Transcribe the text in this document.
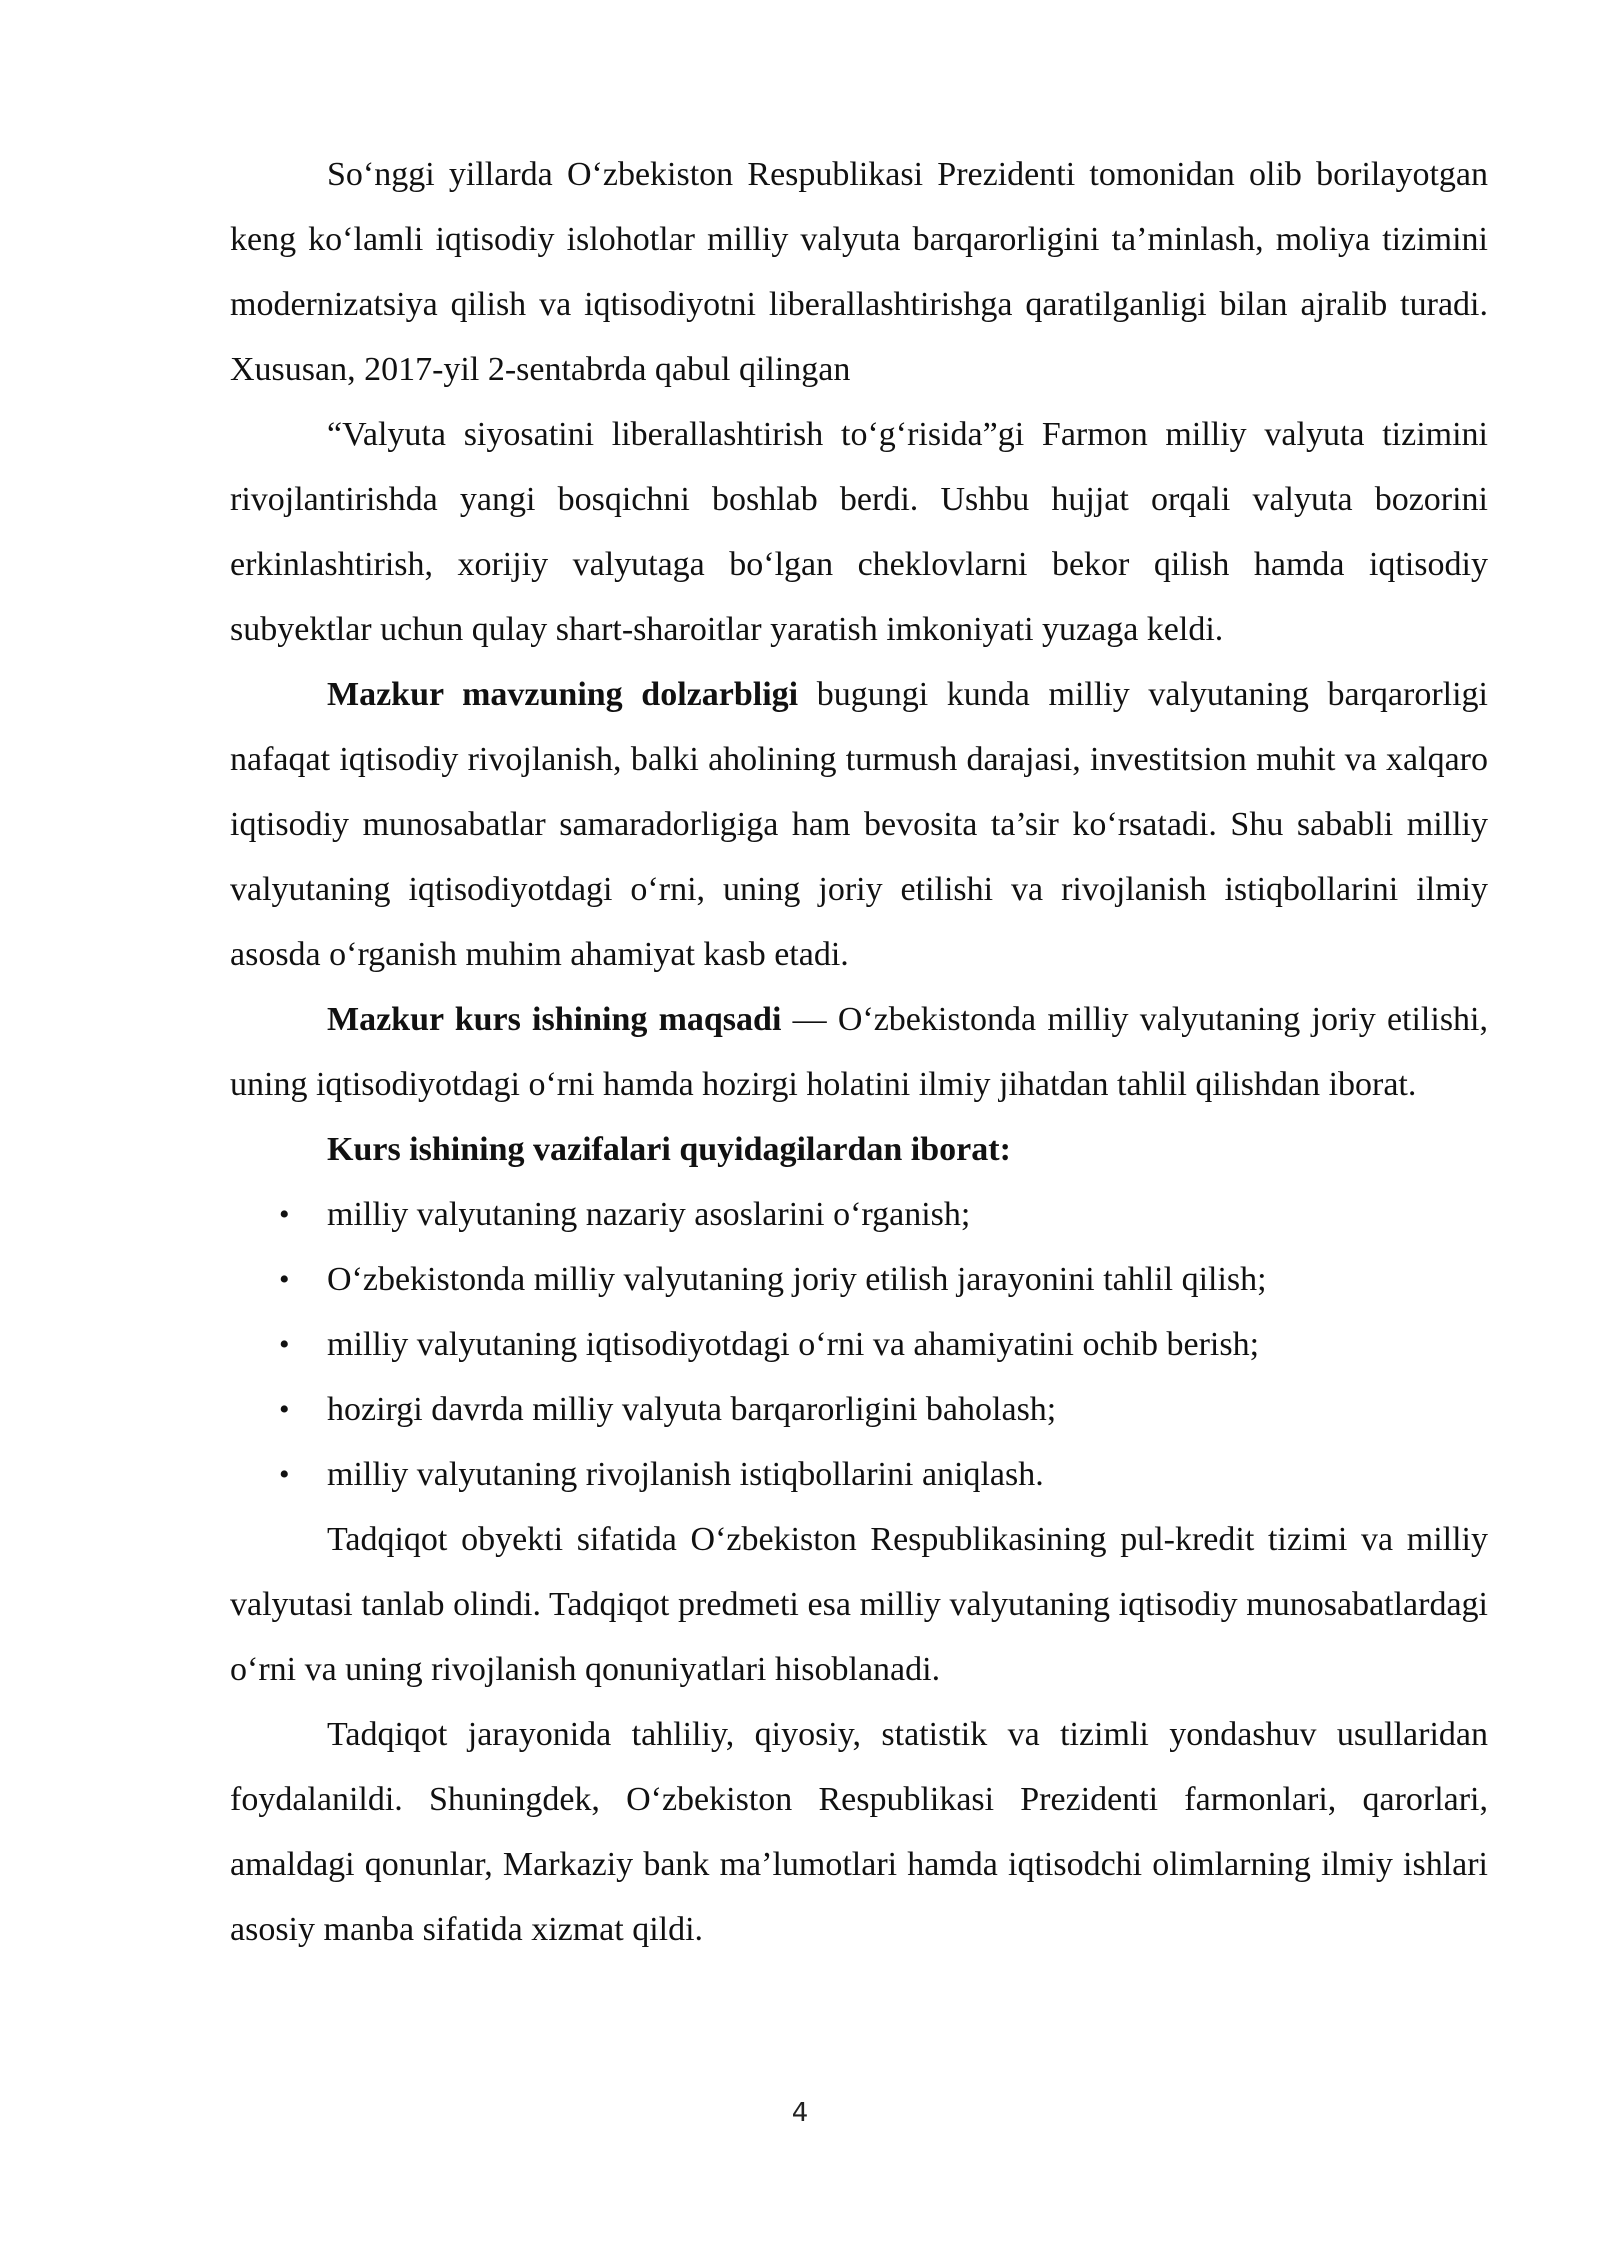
So‘nggi yillarda O‘zbekiston Respublikasi Prezidenti tomonidan olib borilayotgan keng ko‘lamli iqtisodiy islohotlar milliy valyuta barqarorligini ta’minlash, moliya tizimini modernizatsiya qilish va iqtisodiyotni liberallashtirishga qaratilganligi bilan ajralib turadi. Xususan, 2017-yil 2-sentabrda qabul qilingan

“Valyuta siyosatini liberallashtirish to‘g‘risida”gi Farmon milliy valyuta tizimini rivojlantirishda yangi bosqichni boshlab berdi. Ushbu hujjat orqali valyuta bozorini erkinlashtirish, xorijiy valyutaga bo‘lgan cheklovlarni bekor qilish hamda iqtisodiy subyektlar uchun qulay shart-sharoitlar yaratish imkoniyati yuzaga keldi.

Mazkur mavzuning dolzarbligi bugungi kunda milliy valyutaning barqarorligi nafaqat iqtisodiy rivojlanish, balki aholining turmush darajasi, investitsion muhit va xalqaro iqtisodiy munosabatlar samaradorligiga ham bevosita ta’sir ko‘rsatadi. Shu sababli milliy valyutaning iqtisodiyotdagi o‘rni, uning joriy etilishi va rivojlanish istiqbollarini ilmiy asosda o‘rganish muhim ahamiyat kasb etadi.

Mazkur kurs ishining maqsadi — O‘zbekistonda milliy valyutaning joriy etilishi, uning iqtisodiyotdagi o‘rni hamda hozirgi holatini ilmiy jihatdan tahlil qilishdan iborat.

Kurs ishining vazifalari quyidagilardan iborat:

• milliy valyutaning nazariy asoslarini o‘rganish;
• O‘zbekistonda milliy valyutaning joriy etilish jarayonini tahlil qilish;
• milliy valyutaning iqtisodiyotdagi o‘rni va ahamiyatini ochib berish;
• hozirgi davrda milliy valyuta barqarorligini baholash;
• milliy valyutaning rivojlanish istiqbollarini aniqlash.

Tadqiqot obyekti sifatida O‘zbekiston Respublikasining pul-kredit tizimi va milliy valyutasi tanlab olindi. Tadqiqot predmeti esa milliy valyutaning iqtisodiy munosabatlardagi o‘rni va uning rivojlanish qonuniyatlari hisoblanadi.

Tadqiqot jarayonida tahliliy, qiyosiy, statistik va tizimli yondashuv usullaridan foydalanildi. Shuningdek, O‘zbekiston Respublikasi Prezidenti farmonlari, qarorlari, amaldagi qonunlar, Markaziy bank ma’lumotlari hamda iqtisodchi olimlarning ilmiy ishlari asosiy manba sifatida xizmat qildi.

4
